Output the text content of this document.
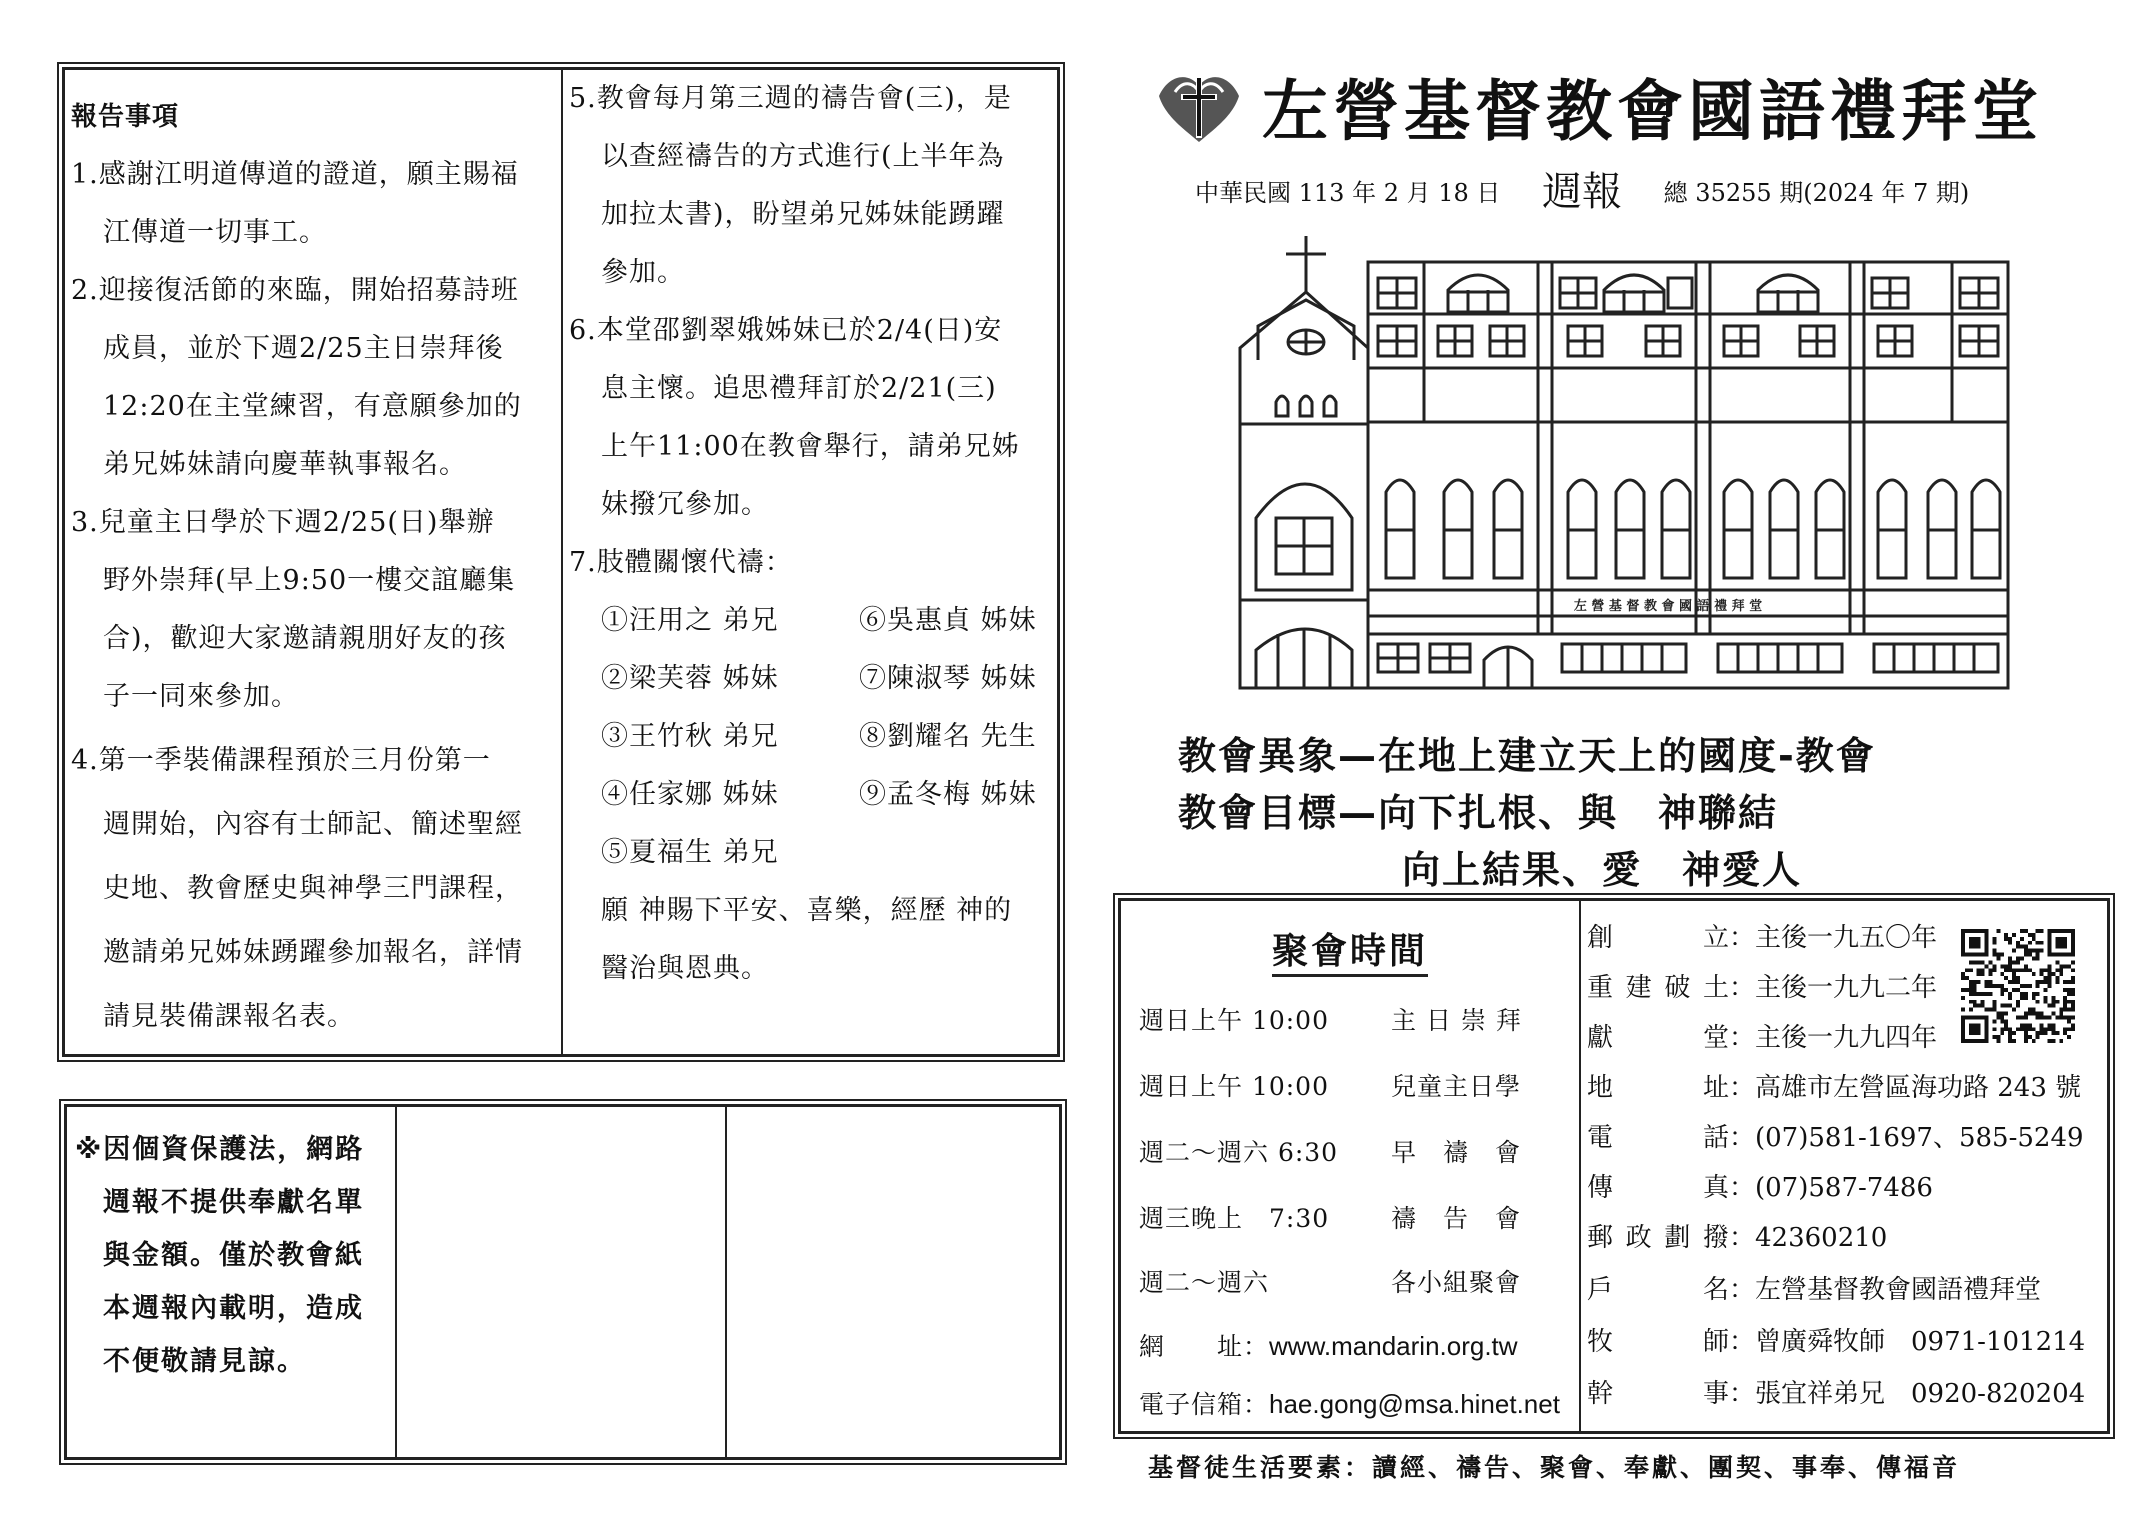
報告事項
1.感謝江明道傳道的證道，願主賜福
江傳道一切事工。
2.迎接復活節的來臨，開始招募詩班
成員，並於下週2/25主日崇拜後
12:20在主堂練習，有意願參加的
弟兄姊妹請向慶華執事報名。
3.兒童主日學於下週2/25(日)舉辦
野外崇拜(早上9:50一樓交誼廳集
合)，歡迎大家邀請親朋好友的孩
子一同來參加。
4.第一季裝備課程預於三月份第一
週開始，內容有士師記、簡述聖經
史地、教會歷史與神學三門課程，
邀請弟兄姊妹踴躍參加報名，詳情
請見裝備課報名表。
5.教會每月第三週的禱告會(三)，是
以查經禱告的方式進行(上半年為
加拉太書)，盼望弟兄姊妹能踴躍
參加。
6.本堂邵劉翠娥姊妹已於2/4(日)安
息主懷。追思禮拜訂於2/21(三)
上午11:00在教會舉行，請弟兄姊
妹撥冗參加。
7.肢體關懷代禱：
①汪用之 弟兄	⑥吳惠貞 姊妹
②梁芙蓉 姊妹	⑦陳淑琴 姊妹
③王竹秋 弟兄	⑧劉耀名 先生
④任家娜 姊妹	⑨孟冬梅 姊妹
⑤夏福生 弟兄
願 神賜下平安、喜樂，經歷 神的
醫治與恩典。
※因個資保護法，網路
週報不提供奉獻名單
與金額。僅於教會紙
本週報內載明，造成
不便敬請見諒。
左營基督教會國語禮拜堂
中華民國 113 年 2 月 18 日 週報 總 35255 期(2024 年 7 期)
左 營 基 督 教 會 國 語 禮 拜 堂
教會異象—在地上建立天上的國度-教會
教會目標—向下扎根、與　神聯結
向上結果、愛　神愛人
聚會時間
週日上午 10:00 主 日 崇 拜
週日上午 10:00 兒童主日學
週二～週六 6:30 早　禱　會
週三晚上　7:30 禱　告　會
週二～週六	各小組聚會
網　　址：www.mandarin.org.tw
電子信箱：hae.gong@msa.hinet.net
創立：主後一九五〇年
重建破土：主後一九九二年
獻堂：主後一九九四年
地址：高雄市左營區海功路 243 號
電話：(07)581-1697、585-5249
傳真：(07)587-7486
郵政劃撥：42360210
戶名：左營基督教會國語禮拜堂
牧師：曾廣舜牧師　0971-101214
幹事：張宜祥弟兄　0920-820204
基督徒生活要素：讀經、禱告、聚會、奉獻、團契、事奉、傳福音
